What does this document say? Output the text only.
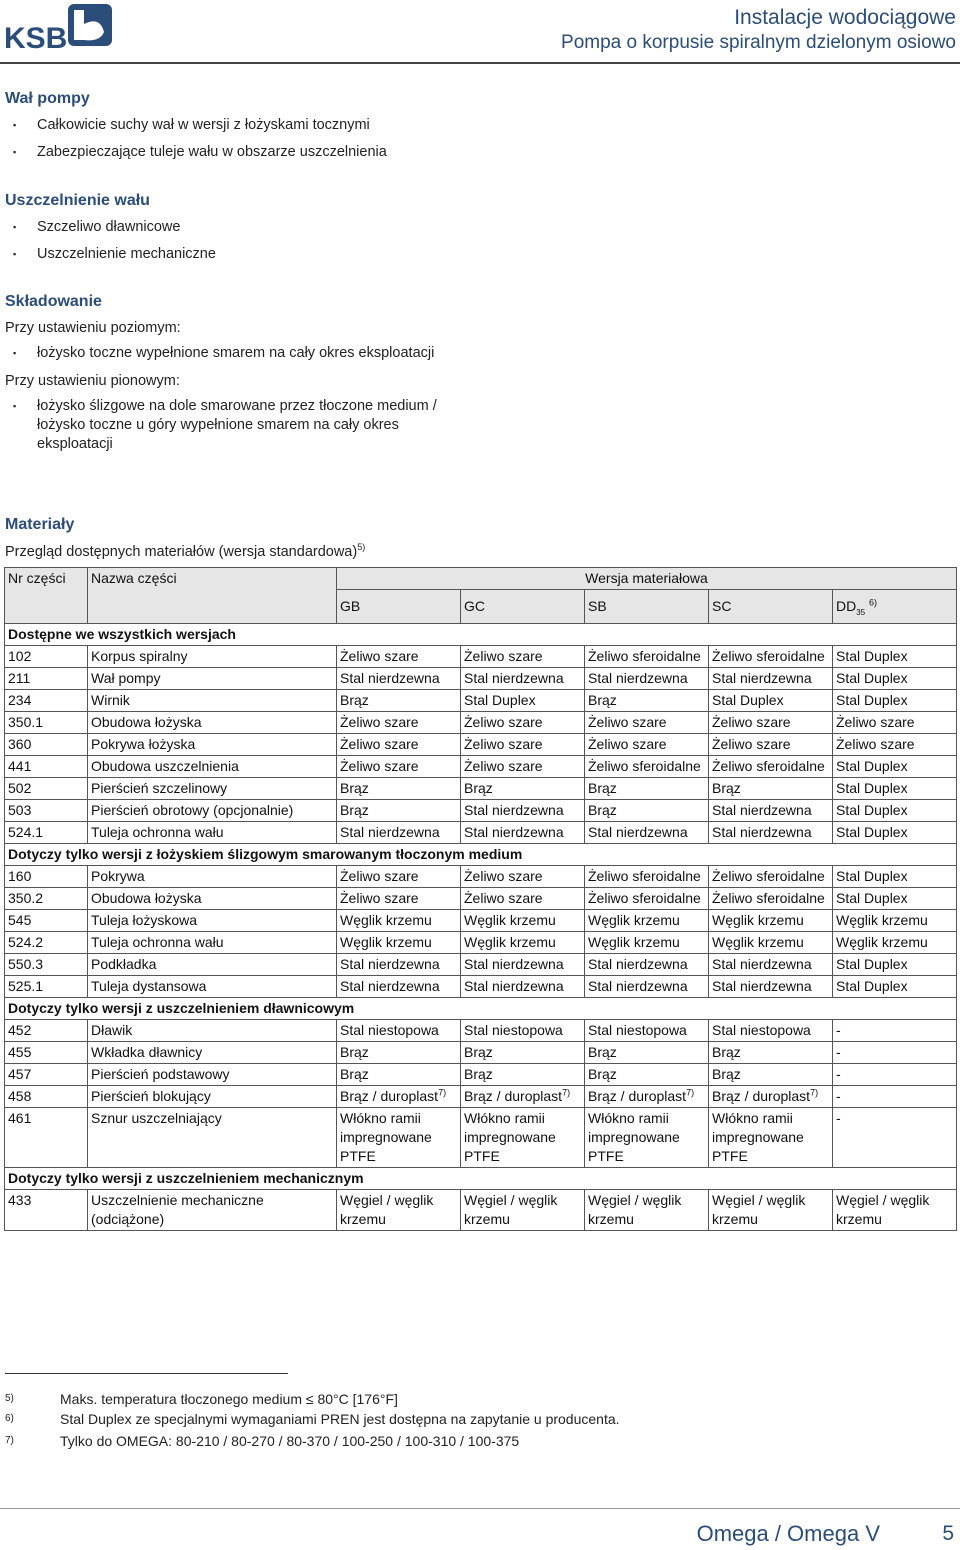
KSB
Instalacje wodociągowe
Pompa o korpusie spiralnym dzielonym osiowo

Wał pompy

▪ Całkowicie suchy wał w wersji z łożyskami tocznymi
▪ Zabezpieczające tuleje wału w obszarze uszczelnienia

Uszczelnienie wału

▪ Szczeliwo dławnicowe
▪ Uszczelnienie mechaniczne

Składowanie

Przy ustawieniu poziomym:

▪ łożysko toczne wypełnione smarem na cały okres eksploatacji

Przy ustawieniu pionowym:

▪ łożysko ślizgowe na dole smarowane przez tłoczone medium / łożysko toczne u góry wypełnione smarem na cały okres eksploatacji

Materiały

Przegląd dostępnych materiałów (wersja standardowa)$^{5)}$

Nr części	Nazwa części	Wersja materiałowa				
		GB	GC	SB	SC	$DD_{35}$ $^{6)}$
Dostępne we wszystkich wersjach						
102	Korpus spiralny	Żeliwo szare	Żeliwo szare	Żeliwo sferoidalne	Żeliwo sferoidalne	Stal Duplex
211	Wał pompy	Stal nierdzewna	Stal nierdzewna	Stal nierdzewna	Stal nierdzewna	Stal Duplex
234	Wirnik	Brąz	Stal Duplex	Brąz	Stal Duplex	Stal Duplex
350.1	Obudowa łożyska	Żeliwo szare	Żeliwo szare	Żeliwo szare	Żeliwo szare	Żeliwo szare
360	Pokrywa łożyska	Żeliwo szare	Żeliwo szare	Żeliwo szare	Żeliwo szare	Żeliwo szare
441	Obudowa uszczelnienia	Żeliwo szare	Żeliwo szare	Żeliwo sferoidalne	Żeliwo sferoidalne	Stal Duplex
502	Pierścień szczelinowy	Brąz	Brąz	Brąz	Brąz	Stal Duplex
503	Pierścień obrotowy (opcjonalnie)	Brąz	Stal nierdzewna	Brąz	Stal nierdzewna	Stal Duplex
524.1	Tuleja ochronna wału	Stal nierdzewna	Stal nierdzewna	Stal nierdzewna	Stal nierdzewna	Stal Duplex
Dotyczy tylko wersji z łożyskiem ślizgowym smarowanym tłoczonym medium						
160	Pokrywa	Żeliwo szare	Żeliwo szare	Żeliwo sferoidalne	Żeliwo sferoidalne	Stal Duplex
350.2	Obudowa łożyska	Żeliwo szare	Żeliwo szare	Żeliwo sferoidalne	Żeliwo sferoidalne	Stal Duplex
545	Tuleja łożyskowa	Węglik krzemu	Węglik krzemu	Węglik krzemu	Węglik krzemu	Węglik krzemu
524.2	Tuleja ochronna wału	Węglik krzemu	Węglik krzemu	Węglik krzemu	Węglik krzemu	Węglik krzemu
550.3	Podkładka	Stal nierdzewna	Stal nierdzewna	Stal nierdzewna	Stal nierdzewna	Stal Duplex
525.1	Tuleja dystansowa	Stal nierdzewna	Stal nierdzewna	Stal nierdzewna	Stal nierdzewna	Stal Duplex
Dotyczy tylko wersji z uszczelnieniem dławnicowym						
452	Dławik	Stal niestopowa	Stal niestopowa	Stal niestopowa	Stal niestopowa	-
455	Wkładka dławnicy	Brąz	Brąz	Brąz	Brąz	-
457	Pierścień podstawowy	Brąz	Brąz	Brąz	Brąz	-
458	Pierścień blokujący	Brąz / duroplast$^{7)}$	Brąz / duroplast$^{7)}$	Brąz / duroplast$^{7)}$	Brąz / duroplast$^{7)}$	-
461	Sznur uszczelniający	Włókno ramii impregnowane PTFE	Włókno ramii impregnowane PTFE	Włókno ramii impregnowane PTFE	Włókno ramii impregnowane PTFE	-
Dotyczy tylko wersji z uszczelnieniem mechanicznym						
433	Uszczelnienie mechaniczne (odciążone)	Węgiel / węglik krzemu	Węgiel / węglik krzemu	Węgiel / węglik krzemu	Węgiel / węglik krzemu	Węgiel / węglik krzemu
5)	Maks. temperatura tłoczonego medium ≤ 80°C [176°F]
6)	Stal Duplex ze specjalnymi wymaganiami PREN jest dostępna na zapytanie u producenta.
7)	Tylko do OMEGA: 80-210 / 80-270 / 80-370 / 100-250 / 100-310 / 100-375
Omega / Omega V	5
